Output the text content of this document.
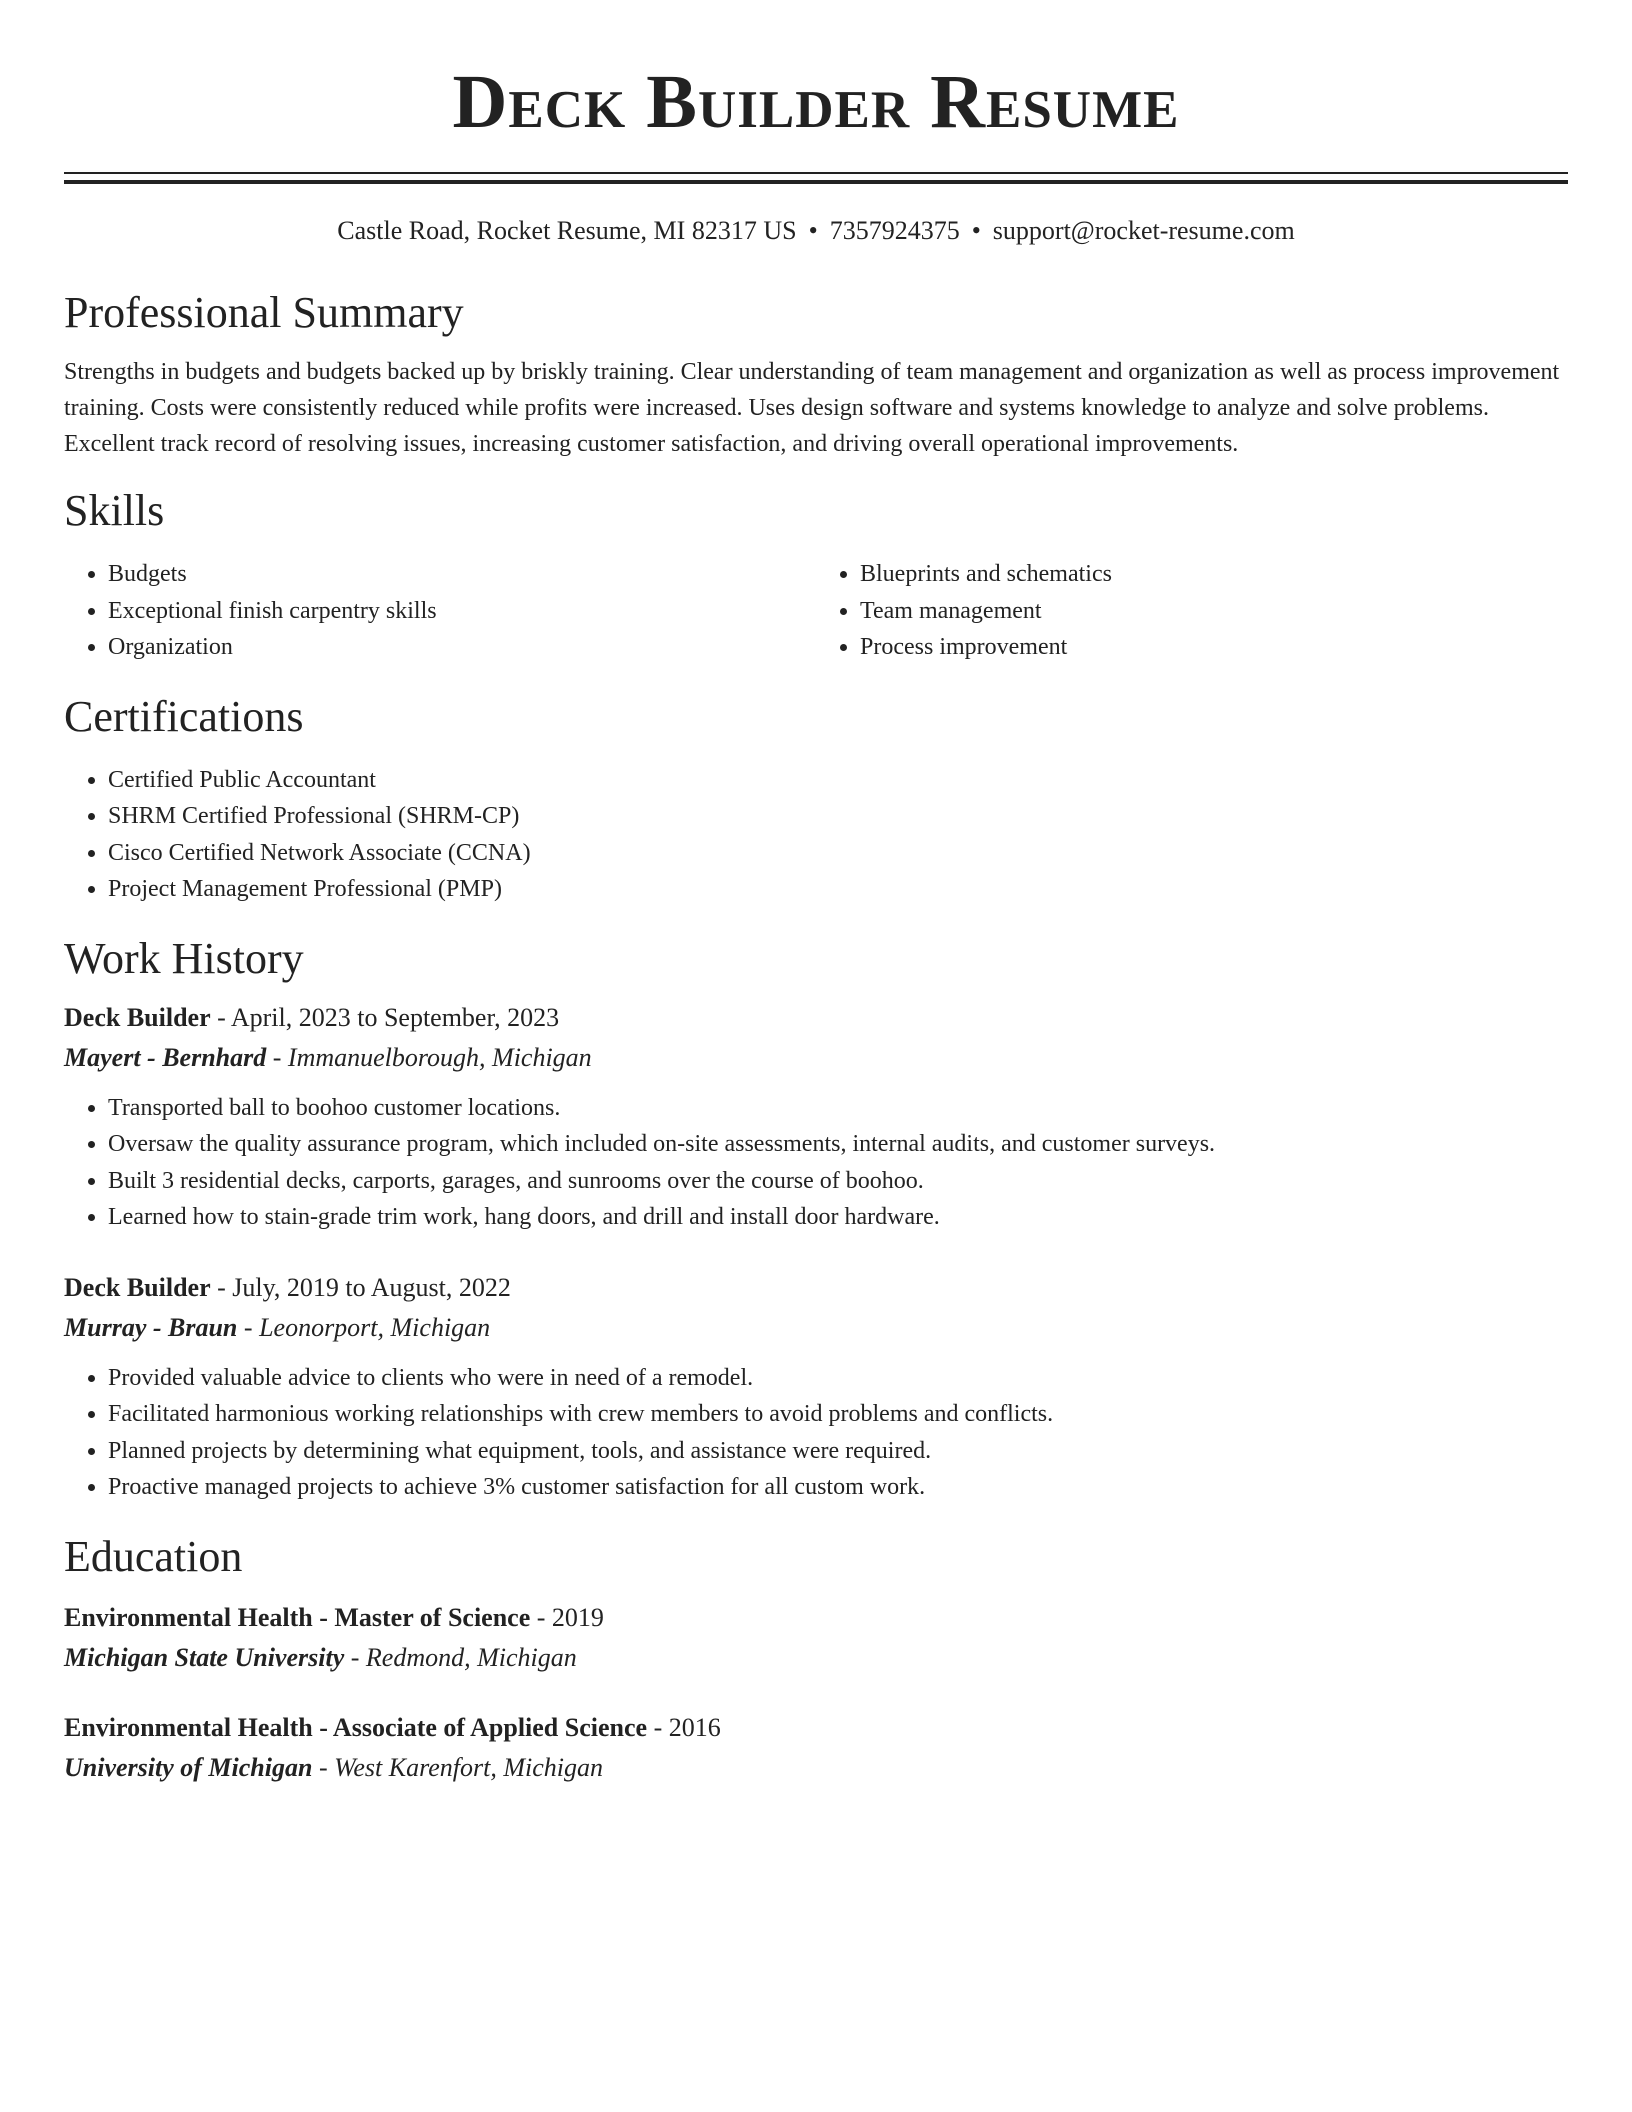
Deck Builder Resume
Castle Road, Rocket Resume, MI 82317 US • 7357924375 • support@rocket-resume.com
Professional Summary
Strengths in budgets and budgets backed up by briskly training. Clear understanding of team management and organization as well as process improvement training. Costs were consistently reduced while profits were increased. Uses design software and systems knowledge to analyze and solve problems. Excellent track record of resolving issues, increasing customer satisfaction, and driving overall operational improvements.
Skills
• Budgets
• Exceptional finish carpentry skills
• Organization
• Blueprints and schematics
• Team management
• Process improvement
Certifications
• Certified Public Accountant
• SHRM Certified Professional (SHRM-CP)
• Cisco Certified Network Associate (CCNA)
• Project Management Professional (PMP)
Work History
Deck Builder - April, 2023 to September, 2023
Mayert - Bernhard - Immanuelborough, Michigan
• Transported ball to boohoo customer locations.
• Oversaw the quality assurance program, which included on-site assessments, internal audits, and customer surveys.
• Built 3 residential decks, carports, garages, and sunrooms over the course of boohoo.
• Learned how to stain-grade trim work, hang doors, and drill and install door hardware.
Deck Builder - July, 2019 to August, 2022
Murray - Braun - Leonorport, Michigan
• Provided valuable advice to clients who were in need of a remodel.
• Facilitated harmonious working relationships with crew members to avoid problems and conflicts.
• Planned projects by determining what equipment, tools, and assistance were required.
• Proactive managed projects to achieve 3% customer satisfaction for all custom work.
Education
Environmental Health - Master of Science - 2019
Michigan State University - Redmond, Michigan
Environmental Health - Associate of Applied Science - 2016
University of Michigan - West Karenfort, Michigan
